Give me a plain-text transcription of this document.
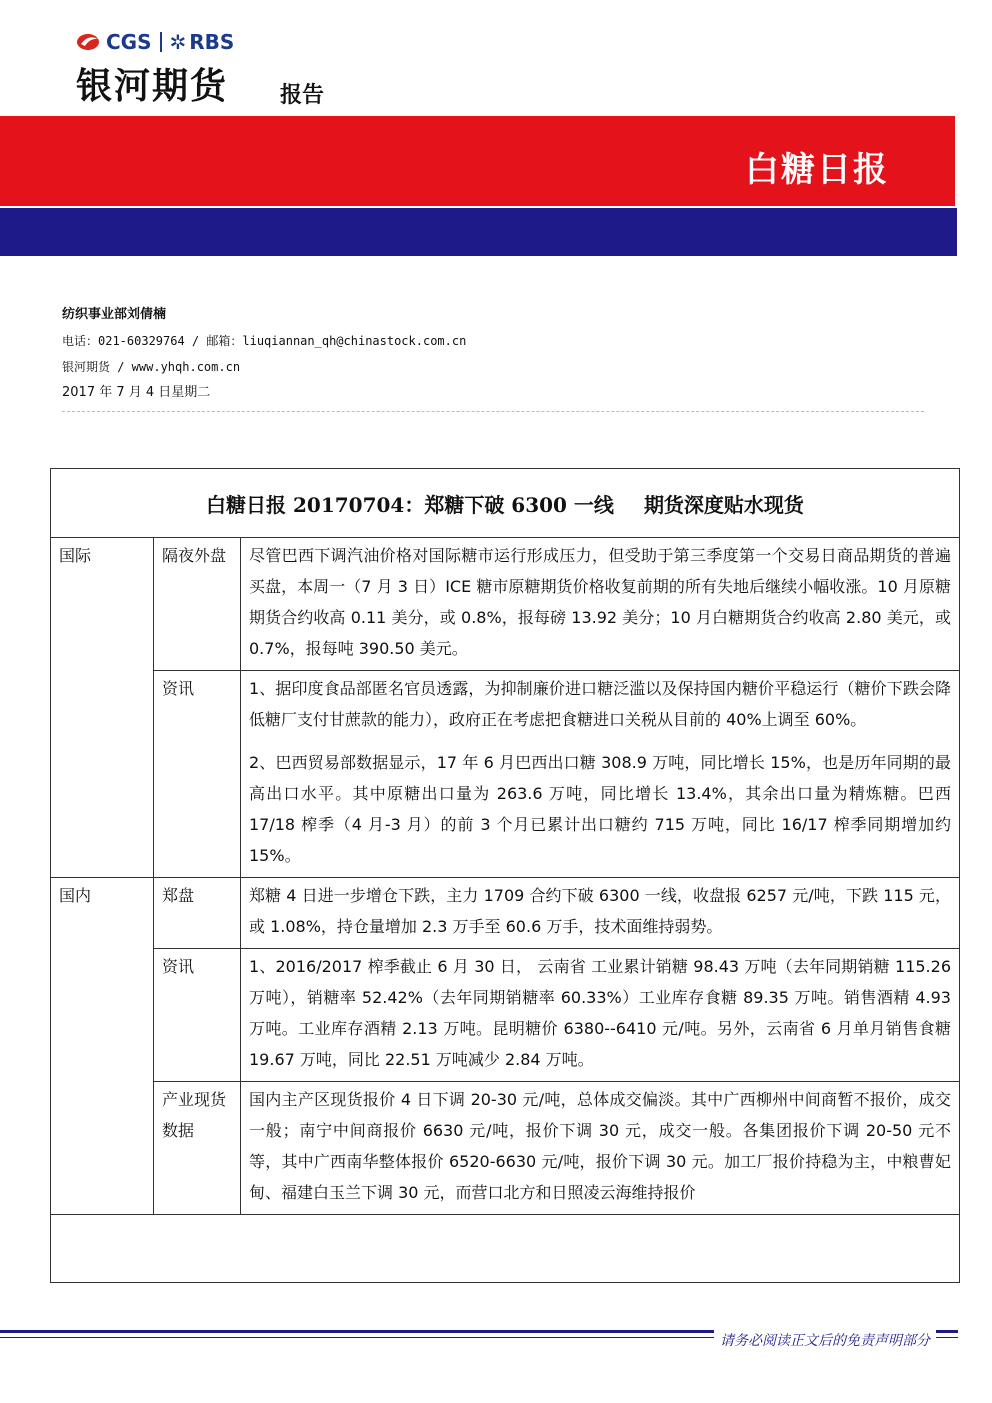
CGS ✲ RBS
银河期货	报告
白糖日报
纺织事业部刘倩楠
电话：021-60329764 / 邮箱：liuqiannan_qh@chinastock.com.cn
银河期货 / www.yhqh.com.cn
2017 年 7 月 4 日星期二
白糖日报 20170704：郑糖下破 6300 一线 期货深度贴水现货
国际	隔夜外盘	尽管巴西下调汽油价格对国际糖市运行形成压力，但受助于第三季度第一个交易日商品期货的普遍买盘，本周一（7 月 3 日）ICE 糖市原糖期货价格收复前期的所有失地后继续小幅收涨。10 月原糖期货合约收高 0.11 美分，或 0.8%，报每磅 13.92 美分；10 月白糖期货合约收高 2.80 美元，或 0.7%，报每吨 390.50 美元。

	资讯	1、据印度食品部匿名官员透露，为抑制廉价进口糖泛滥以及保持国内糖价平稳运行（糖价下跌会降低糖厂支付甘蔗款的能力），政府正在考虑把食糖进口关税从目前的 40%上调至 60%。

2、巴西贸易部数据显示，17 年 6 月巴西出口糖 308.9 万吨，同比增长 15%，也是历年同期的最高出口水平。其中原糖出口量为 263.6 万吨，同比增长 13.4%，其余出口量为精炼糖。巴西 17/18 榨季（4 月-3 月）的前 3 个月已累计出口糖约 715 万吨，同比 16/17 榨季同期增加约 15%。

国内	郑盘	郑糖 4 日进一步增仓下跌，主力 1709 合约下破 6300 一线，收盘报 6257 元/吨，下跌 115 元，或 1.08%，持仓量增加 2.3 万手至 60.6 万手，技术面维持弱势。

	资讯	1、2016/2017 榨季截止 6 月 30 日， 云南省 工业累计销糖 98.43 万吨（去年同期销糖 115.26 万吨），销糖率 52.42%（去年同期销糖率 60.33%）工业库存食糖 89.35 万吨。销售酒精 4.93 万吨。工业库存酒精 2.13 万吨。昆明糖价 6380--6410 元/吨。另外，云南省 6 月单月销售食糖 19.67 万吨，同比 22.51 万吨减少 2.84 万吨。

	产业现货数据	国内主产区现货报价 4 日下调 20-30 元/吨，总体成交偏淡。其中广西柳州中间商暂不报价，成交一般；南宁中间商报价 6630 元/吨，报价下调 30 元，成交一般。各集团报价下调 20-50 元不等，其中广西南华整体报价 6520-6630 元/吨，报价下调 30 元。加工厂报价持稳为主，中粮曹妃甸、福建白玉兰下调 30 元，而营口北方和日照凌云海维持报价

请务必阅读正文后的免责声明部分
